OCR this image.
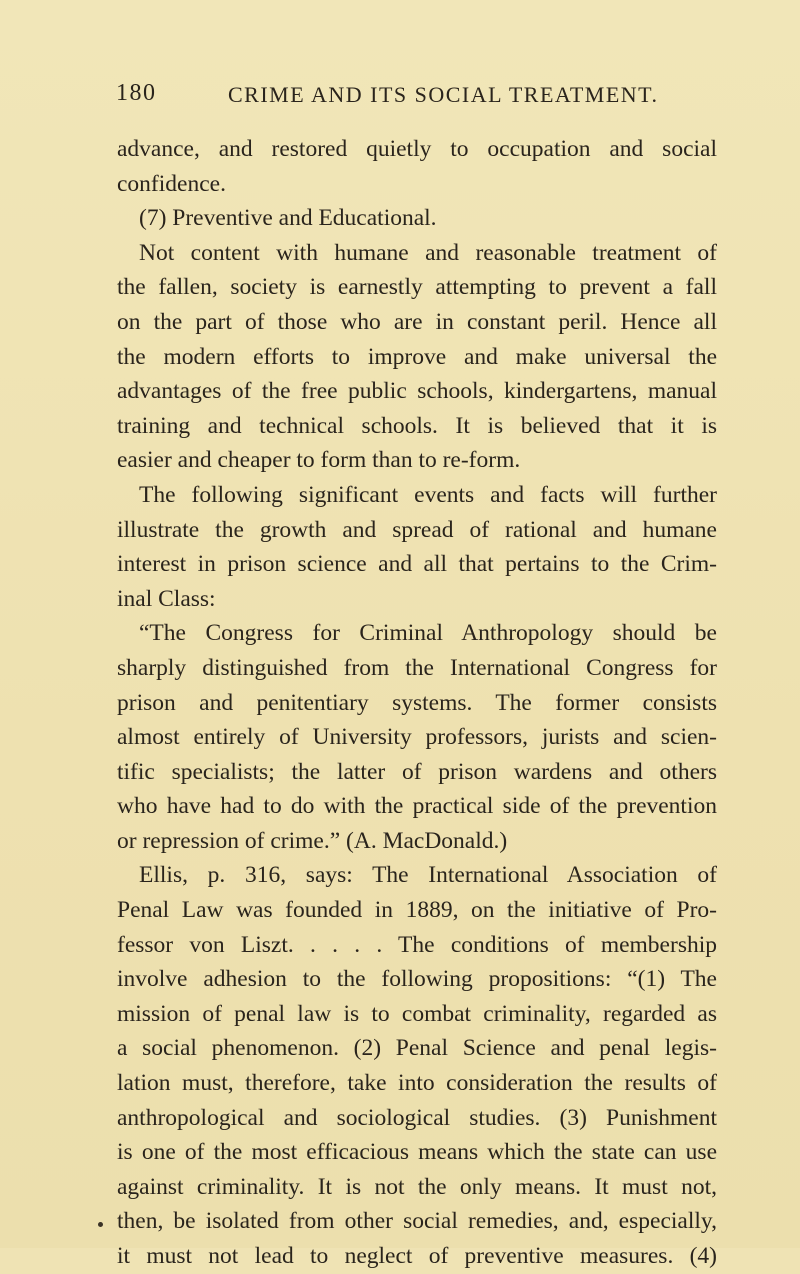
180	CRIME AND ITS SOCIAL TREATMENT.
advance, and restored quietly to occupation and social
confidence.
(7) Preventive and Educational.
Not content with humane and reasonable treatment of
the fallen, society is earnestly attempting to prevent a fall
on the part of those who are in constant peril. Hence all
the modern efforts to improve and make universal the
advantages of the free public schools, kindergartens, manual
training and technical schools. It is believed that it is
easier and cheaper to form than to re-form.
The following significant events and facts will further
illustrate the growth and spread of rational and humane
interest in prison science and all that pertains to the Crim-
inal Class:
“The Congress for Criminal Anthropology should be
sharply distinguished from the International Congress for
prison and penitentiary systems. The former consists
almost entirely of University professors, jurists and scien-
tific specialists; the latter of prison wardens and others
who have had to do with the practical side of the prevention
or repression of crime.” (A. MacDonald.)
Ellis, p. 316, says: The International Association of
Penal Law was founded in 1889, on the initiative of Pro-
fessor von Liszt. . . . . The conditions of membership
involve adhesion to the following propositions: “(1) The
mission of penal law is to combat criminality, regarded as
a social phenomenon. (2) Penal Science and penal legis-
lation must, therefore, take into consideration the results of
anthropological and sociological studies. (3) Punishment
is one of the most efficacious means which the state can use
against criminality. It is not the only means. It must not,
then, be isolated from other social remedies, and, especially,
it must not lead to neglect of preventive measures. (4)
